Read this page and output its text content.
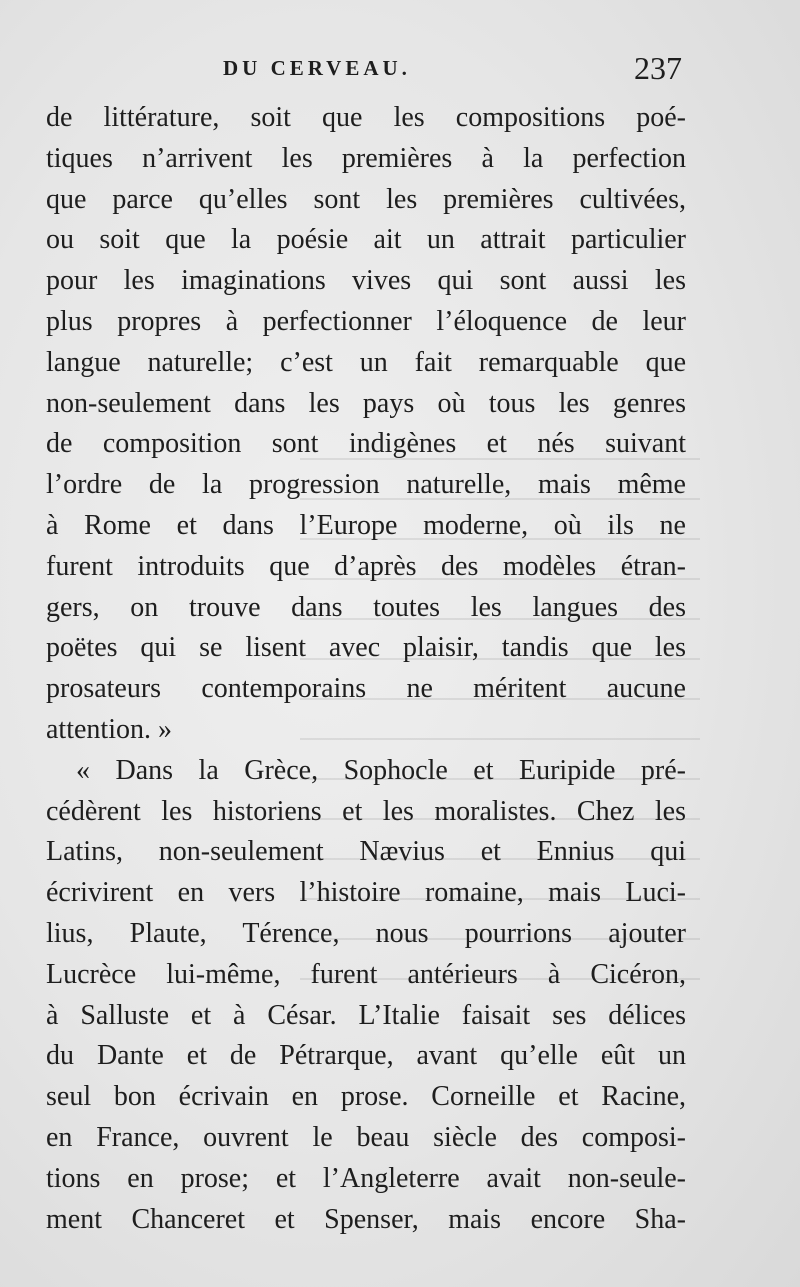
DU CERVEAU.	237
de littérature, soit que les compositions poé-
tiques n’arrivent les premières à la perfection
que parce qu’elles sont les premières cultivées,
ou soit que la poésie ait un attrait particulier
pour les imaginations vives qui sont aussi les
plus propres à perfectionner l’éloquence de leur
langue naturelle; c’est un fait remarquable que
non-seulement dans les pays où tous les genres
de composition sont indigènes et nés suivant
l’ordre de la progression naturelle, mais même
à Rome et dans l’Europe moderne, où ils ne
furent introduits que d’après des modèles étran-
gers, on trouve dans toutes les langues des
poëtes qui se lisent avec plaisir, tandis que les
prosateurs contemporains ne méritent aucune
attention. »
« Dans la Grèce, Sophocle et Euripide pré-
cédèrent les historiens et les moralistes. Chez les
Latins, non-seulement Nævius et Ennius qui
écrivirent en vers l’histoire romaine, mais Luci-
lius, Plaute, Térence, nous pourrions ajouter
Lucrèce lui-même, furent antérieurs à Cicéron,
à Salluste et à César. L’Italie faisait ses délices
du Dante et de Pétrarque, avant qu’elle eût un
seul bon écrivain en prose. Corneille et Racine,
en France, ouvrent le beau siècle des composi-
tions en prose; et l’Angleterre avait non-seule-
ment Chanceret et Spenser, mais encore Sha-
